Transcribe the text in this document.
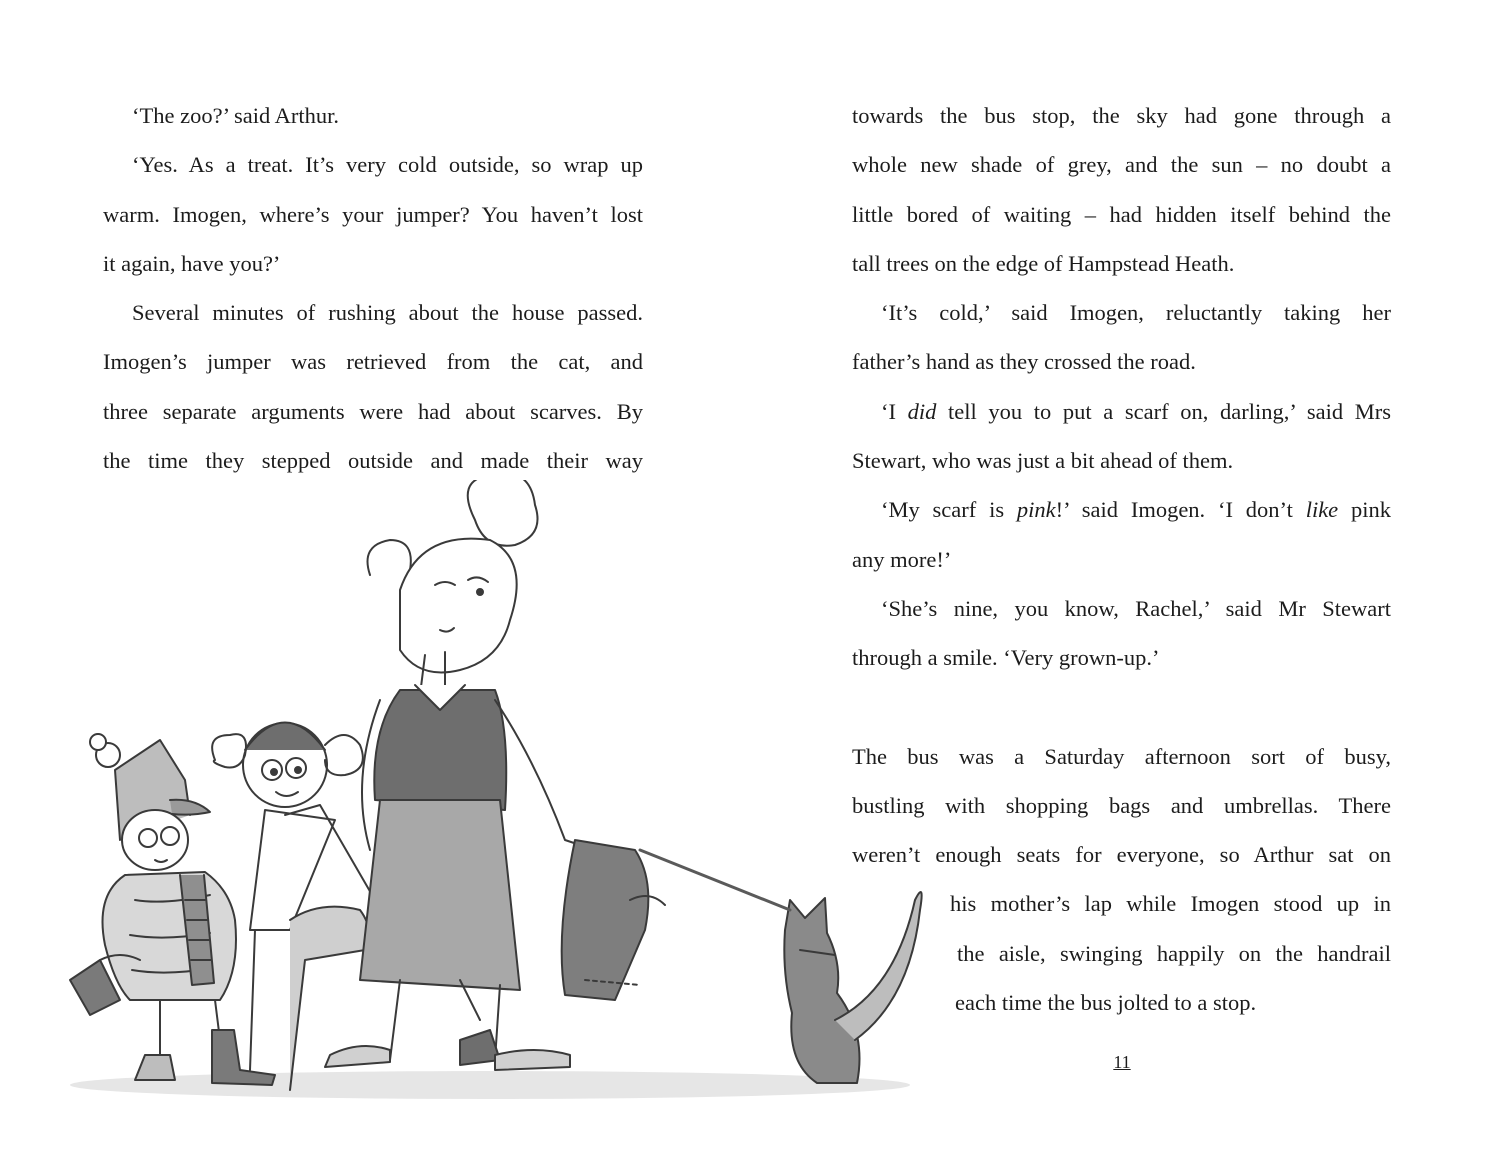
‘The zoo?’ said Arthur.

‘Yes. As a treat. It’s very cold outside, so wrap up
warm. Imogen, where’s your jumper? You haven’t lost
it again, have you?’

Several minutes of rushing about the house passed.
Imogen’s jumper was retrieved from the cat, and
three separate arguments were had about scarves. By
the time they stepped outside and made their way

towards the bus stop, the sky had gone through a
whole new shade of grey, and the sun – no doubt a
little bored of waiting – had hidden itself behind the
tall trees on the edge of Hampstead Heath.

‘It’s cold,’ said Imogen, reluctantly taking her
father’s hand as they crossed the road.

‘I did tell you to put a scarf on, darling,’ said Mrs
Stewart, who was just a bit ahead of them.

‘My scarf is pink!’ said Imogen. ‘I don’t like pink
any more!’

‘She’s nine, you know, Rachel,’ said Mr Stewart
through a smile. ‘Very grown-up.’

The bus was a Saturday afternoon sort of busy,
bustling with shopping bags and umbrellas. There
weren’t enough seats for everyone, so Arthur sat on

his mother’s lap while Imogen stood up in
the aisle, swinging happily on the handrail
each time the bus jolted to a stop.

11
